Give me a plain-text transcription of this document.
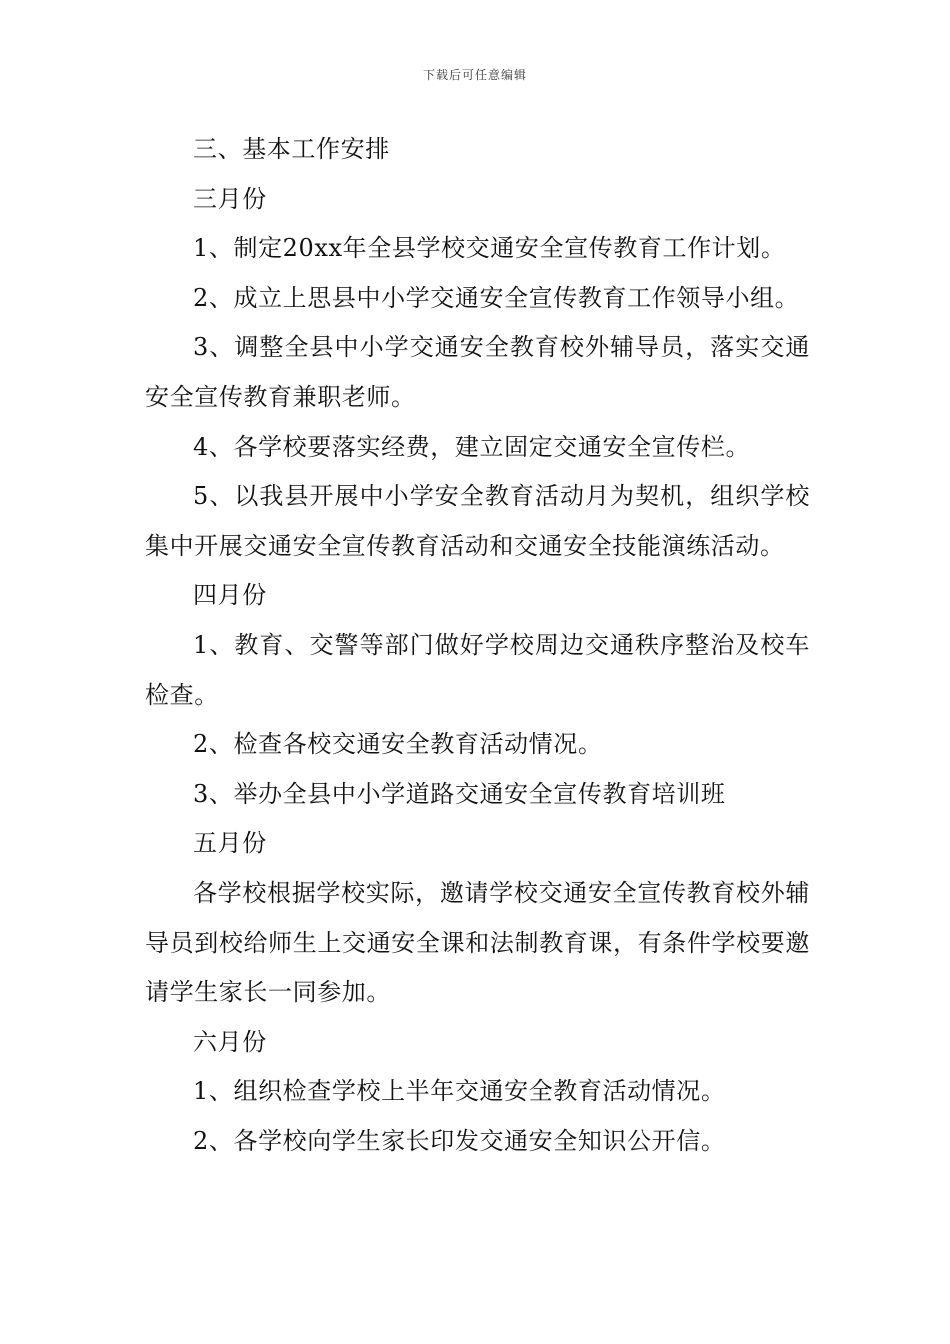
下载后可任意编辑

三、基本工作安排

三月份

1、制定20xx年全县学校交通安全宣传教育工作计划。

2、成立上思县中小学交通安全宣传教育工作领导小组。

3、调整全县中小学交通安全教育校外辅导员，落实交通安全宣传教育兼职老师。

4、各学校要落实经费，建立固定交通安全宣传栏。

5、以我县开展中小学安全教育活动月为契机，组织学校集中开展交通安全宣传教育活动和交通安全技能演练活动。

四月份

1、教育、交警等部门做好学校周边交通秩序整治及校车检查。

2、检查各校交通安全教育活动情况。

3、举办全县中小学道路交通安全宣传教育培训班

五月份

各学校根据学校实际，邀请学校交通安全宣传教育校外辅导员到校给师生上交通安全课和法制教育课，有条件学校要邀请学生家长一同参加。

六月份

1、组织检查学校上半年交通安全教育活动情况。

2、各学校向学生家长印发交通安全知识公开信。
